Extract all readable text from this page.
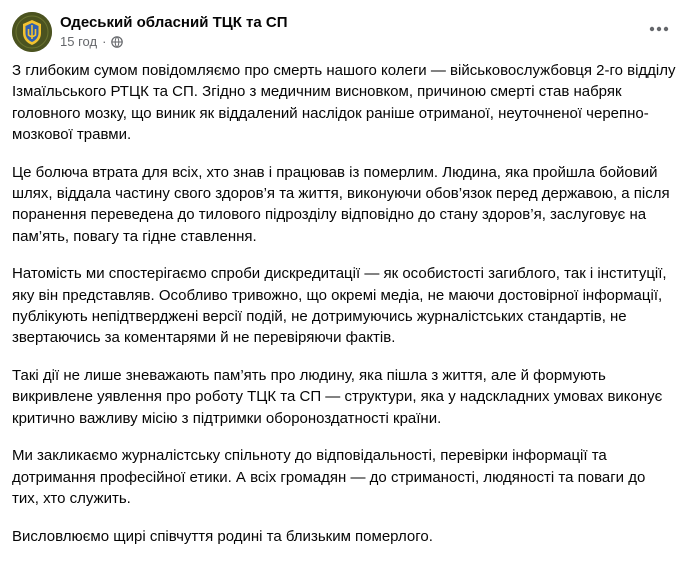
Одеський обласний ТЦК та СП
15 год ·

З глибоким сумом повідомляємо про смерть нашого колеги — військовослужбовця 2-го відділу Ізмаїльського РТЦК та СП. Згідно з медичним висновком, причиною смерті став набряк головного мозку, що виник як віддалений наслідок раніше отриманої, неуточненої черепно-мозкової травми.

Це болюча втрата для всіх, хто знав і працював із померлим. Людина, яка пройшла бойовий шлях, віддала частину свого здоров’я та життя, виконуючи обов’язок перед державою, а після поранення переведена до тилового підрозділу відповідно до стану здоров’я, заслуговує на пам’ять, повагу та гідне ставлення.

Натомість ми спостерігаємо спроби дискредитації — як особистості загиблого, так і інституції, яку він представляв. Особливо тривожно, що окремі медіа, не маючи достовірної інформації, публікують непідтверджені версії подій, не дотримуючись журналістських стандартів, не звертаючись за коментарями й не перевіряючи фактів.

Такі дії не лише зневажають пам’ять про людину, яка пішла з життя, але й формують викривлене уявлення про роботу ТЦК та СП — структури, яка у надскладних умовах виконує критично важливу місію з підтримки обороноздатності країни.

Ми закликаємо журналістську спільноту до відповідальності, перевірки інформації та дотримання професійної етики. А всіх громадян — до стриманості, людяності та поваги до тих, хто служить.

Висловлюємо щирі співчуття родині та близьким померлого.
